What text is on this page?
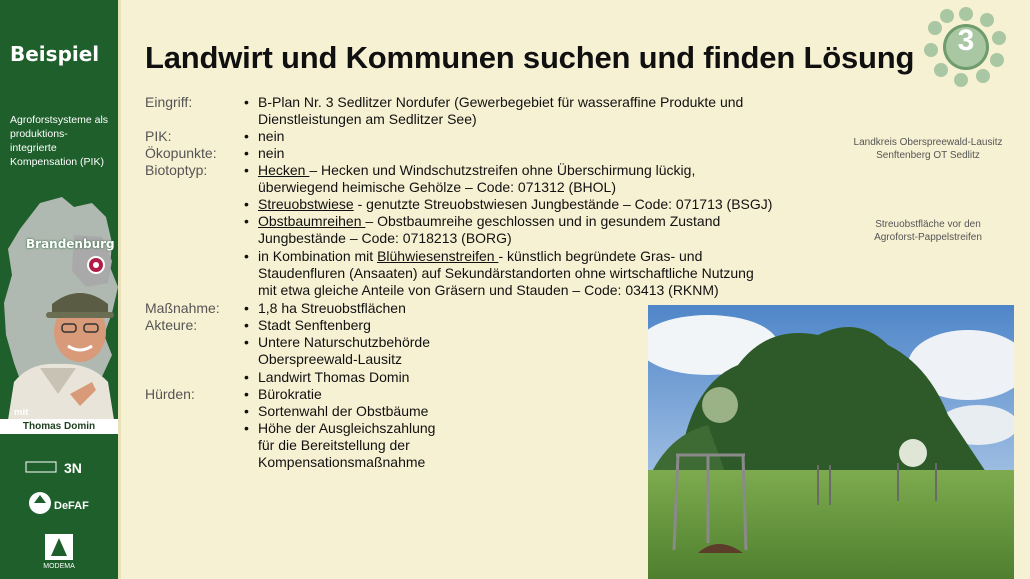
Beispiel
Agroforstsysteme als produktions-integrierte Kompensation (PIK)
Brandenburg
mit
Thomas Domin
3N
DeFAF
MODEMA
Landwirt und Kommunen suchen und finden Lösung	3
Eingriff:	• B-Plan Nr. 3 Sedlitzer Nordufer (Gewerbegebiet für wasseraffine Produkte und
Dienstleistungen am Sedlitzer See)
PIK:	• nein
Ökopunkte: • nein
Biotoptyp:	• Hecken – Hecken und Windschutzstreifen ohne Überschirmung lückig,
überwiegend heimische Gehölze – Code: 071312 (BHOL)
• Streuobstwiese - genutzte Streuobstwiesen Jungbestände – Code: 071713 (BSGJ)
• Obstbaumreihen – Obstbaumreihe geschlossen und in gesundem Zustand
Jungbestände – Code: 0718213 (BORG)
• in Kombination mit Blühwiesenstreifen - künstlich begründete Gras- und
Staudenfluren (Ansaaten) auf Sekundärstandorten ohne wirtschaftliche Nutzung
mit etwa gleiche Anteile von Gräsern und Stauden – Code: 03413 (RKNM)
Maßnahme: • 1,8 ha Streuobstflächen
Akteure:	• Stadt Senftenberg
• Untere Naturschutzbehörde
Oberspreewald-Lausitz
• Landwirt Thomas Domin
Hürden:	• Bürokratie
• Sortenwahl der Obstbäume
• Höhe der Ausgleichszahlung
für die Bereitstellung der
Kompensationsmaßnahme
Landkreis Oberspreewald-Lausitz
Senftenberg OT Sedlitz
Streuobstfläche vor den
Agroforst-Pappelstreifen
